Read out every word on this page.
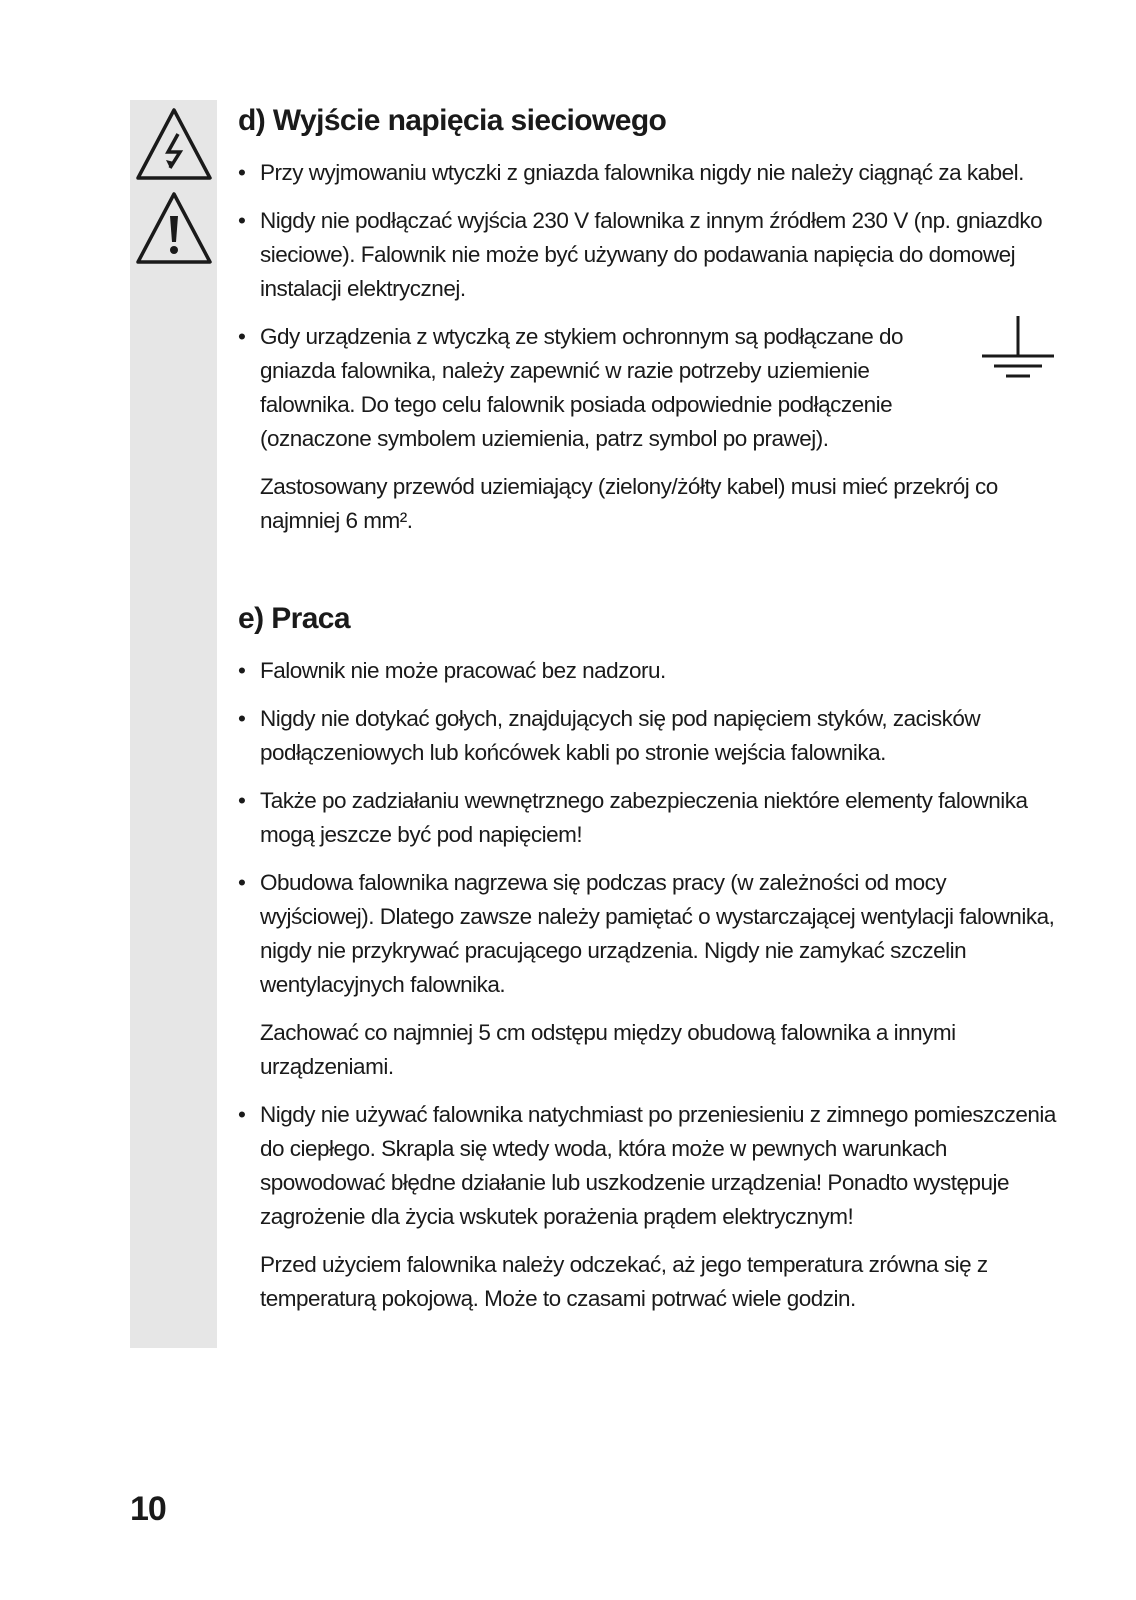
d) Wyjście napięcia sieciowego
• Przy wyjmowaniu wtyczki z gniazda falownika nigdy nie należy ciągnąć za kabel.
• Nigdy nie podłączać wyjścia 230 V falownika z innym źródłem 230 V (np. gniazdko sieciowe). Falownik nie może być używany do podawania napięcia do domowej instalacji elektrycznej.
• Gdy urządzenia z wtyczką ze stykiem ochronnym są podłączane do gniazda falownika, należy zapewnić w razie potrzeby uziemienie falownika. Do tego celu falownik posiada odpowiednie podłączenie (oznaczone symbolem uziemienia, patrz symbol po prawej).
Zastosowany przewód uziemiający (zielony/żółty kabel) musi mieć przekrój co najmniej 6 mm².
e) Praca
• Falownik nie może pracować bez nadzoru.
• Nigdy nie dotykać gołych, znajdujących się pod napięciem styków, zacisków podłączeniowych lub końcówek kabli po stronie wejścia falownika.
• Także po zadziałaniu wewnętrznego zabezpieczenia niektóre elementy falownika mogą jeszcze być pod napięciem!
• Obudowa falownika nagrzewa się podczas pracy (w zależności od mocy wyjściowej). Dlatego zawsze należy pamiętać o wystarczającej wentylacji falownika, nigdy nie przykrywać pracującego urządzenia. Nigdy nie zamykać szczelin wentylacyjnych falownika.
Zachować co najmniej 5 cm odstępu między obudową falownika a innymi urządzeniami.
• Nigdy nie używać falownika natychmiast po przeniesieniu z zimnego pomieszczenia do ciepłego. Skrapla się wtedy woda, która może w pewnych warunkach spowodować błędne działanie lub uszkodzenie urządzenia! Ponadto występuje zagrożenie dla życia wskutek porażenia prądem elektrycznym!
Przed użyciem falownika należy odczekać, aż jego temperatura zrówna się z temperaturą pokojową. Może to czasami potrwać wiele godzin.
10
